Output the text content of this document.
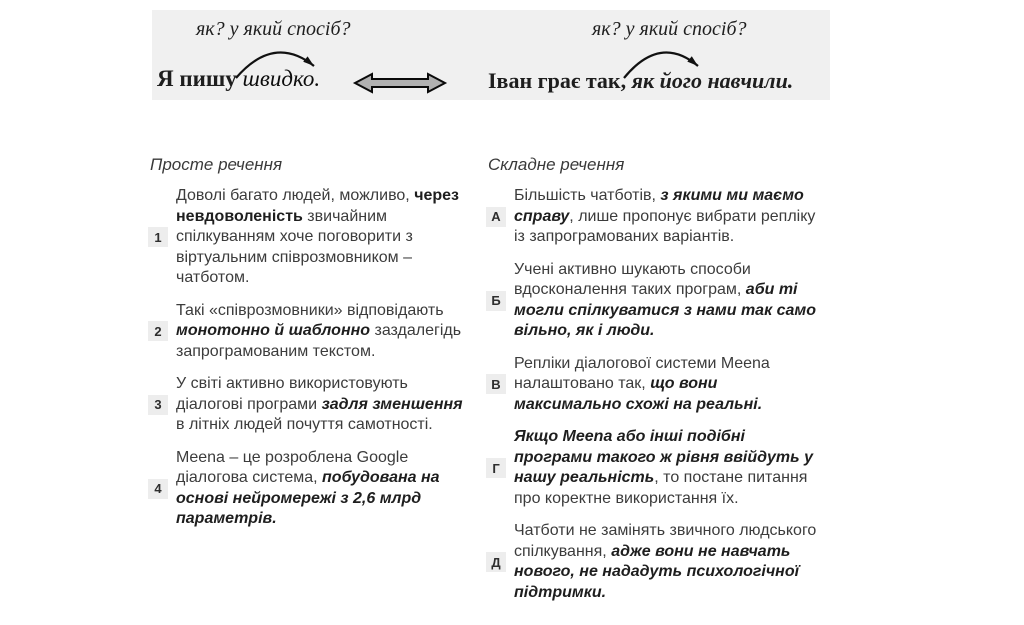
як? у який спосіб?	як? у який спосіб?
Я пишу швидко.	Іван грає так, як його навчили.
Просте речення
1
Доволі багато людей, можливо, через невдоволеність звичайним спілкуванням хоче поговорити з віртуальним співрозмовником – чатботом.
2
Такі «співрозмовники» відповідають монотонно й шаблонно заздалегідь запрограмованим текстом.
3
У світі активно використовують діалогові програми задля зменшення в літніх людей почуття самотності.
4
Meena – це розроблена Google діалогова система, побудована на основі нейромережі з 2,6 млрд параметрів.
Складне речення
А
Більшість чатботів, з якими ми маємо справу, лише пропонує вибрати репліку із запрограмованих варіантів.
Б
Учені активно шукають способи вдосконалення таких програм, аби ті могли спілкуватися з нами так само вільно, як і люди.
В
Репліки діалогової системи Meena налаштовано так, що вони максимально схожі на реальні.
Г
Якщо Meena або інші подібні програми такого ж рівня ввійдуть у нашу реальність, то постане питання про коректне використання їх.
Д
Чатботи не замінять звичного людського спілкування, адже вони не навчать нового, не нададуть психологічної підтримки.
